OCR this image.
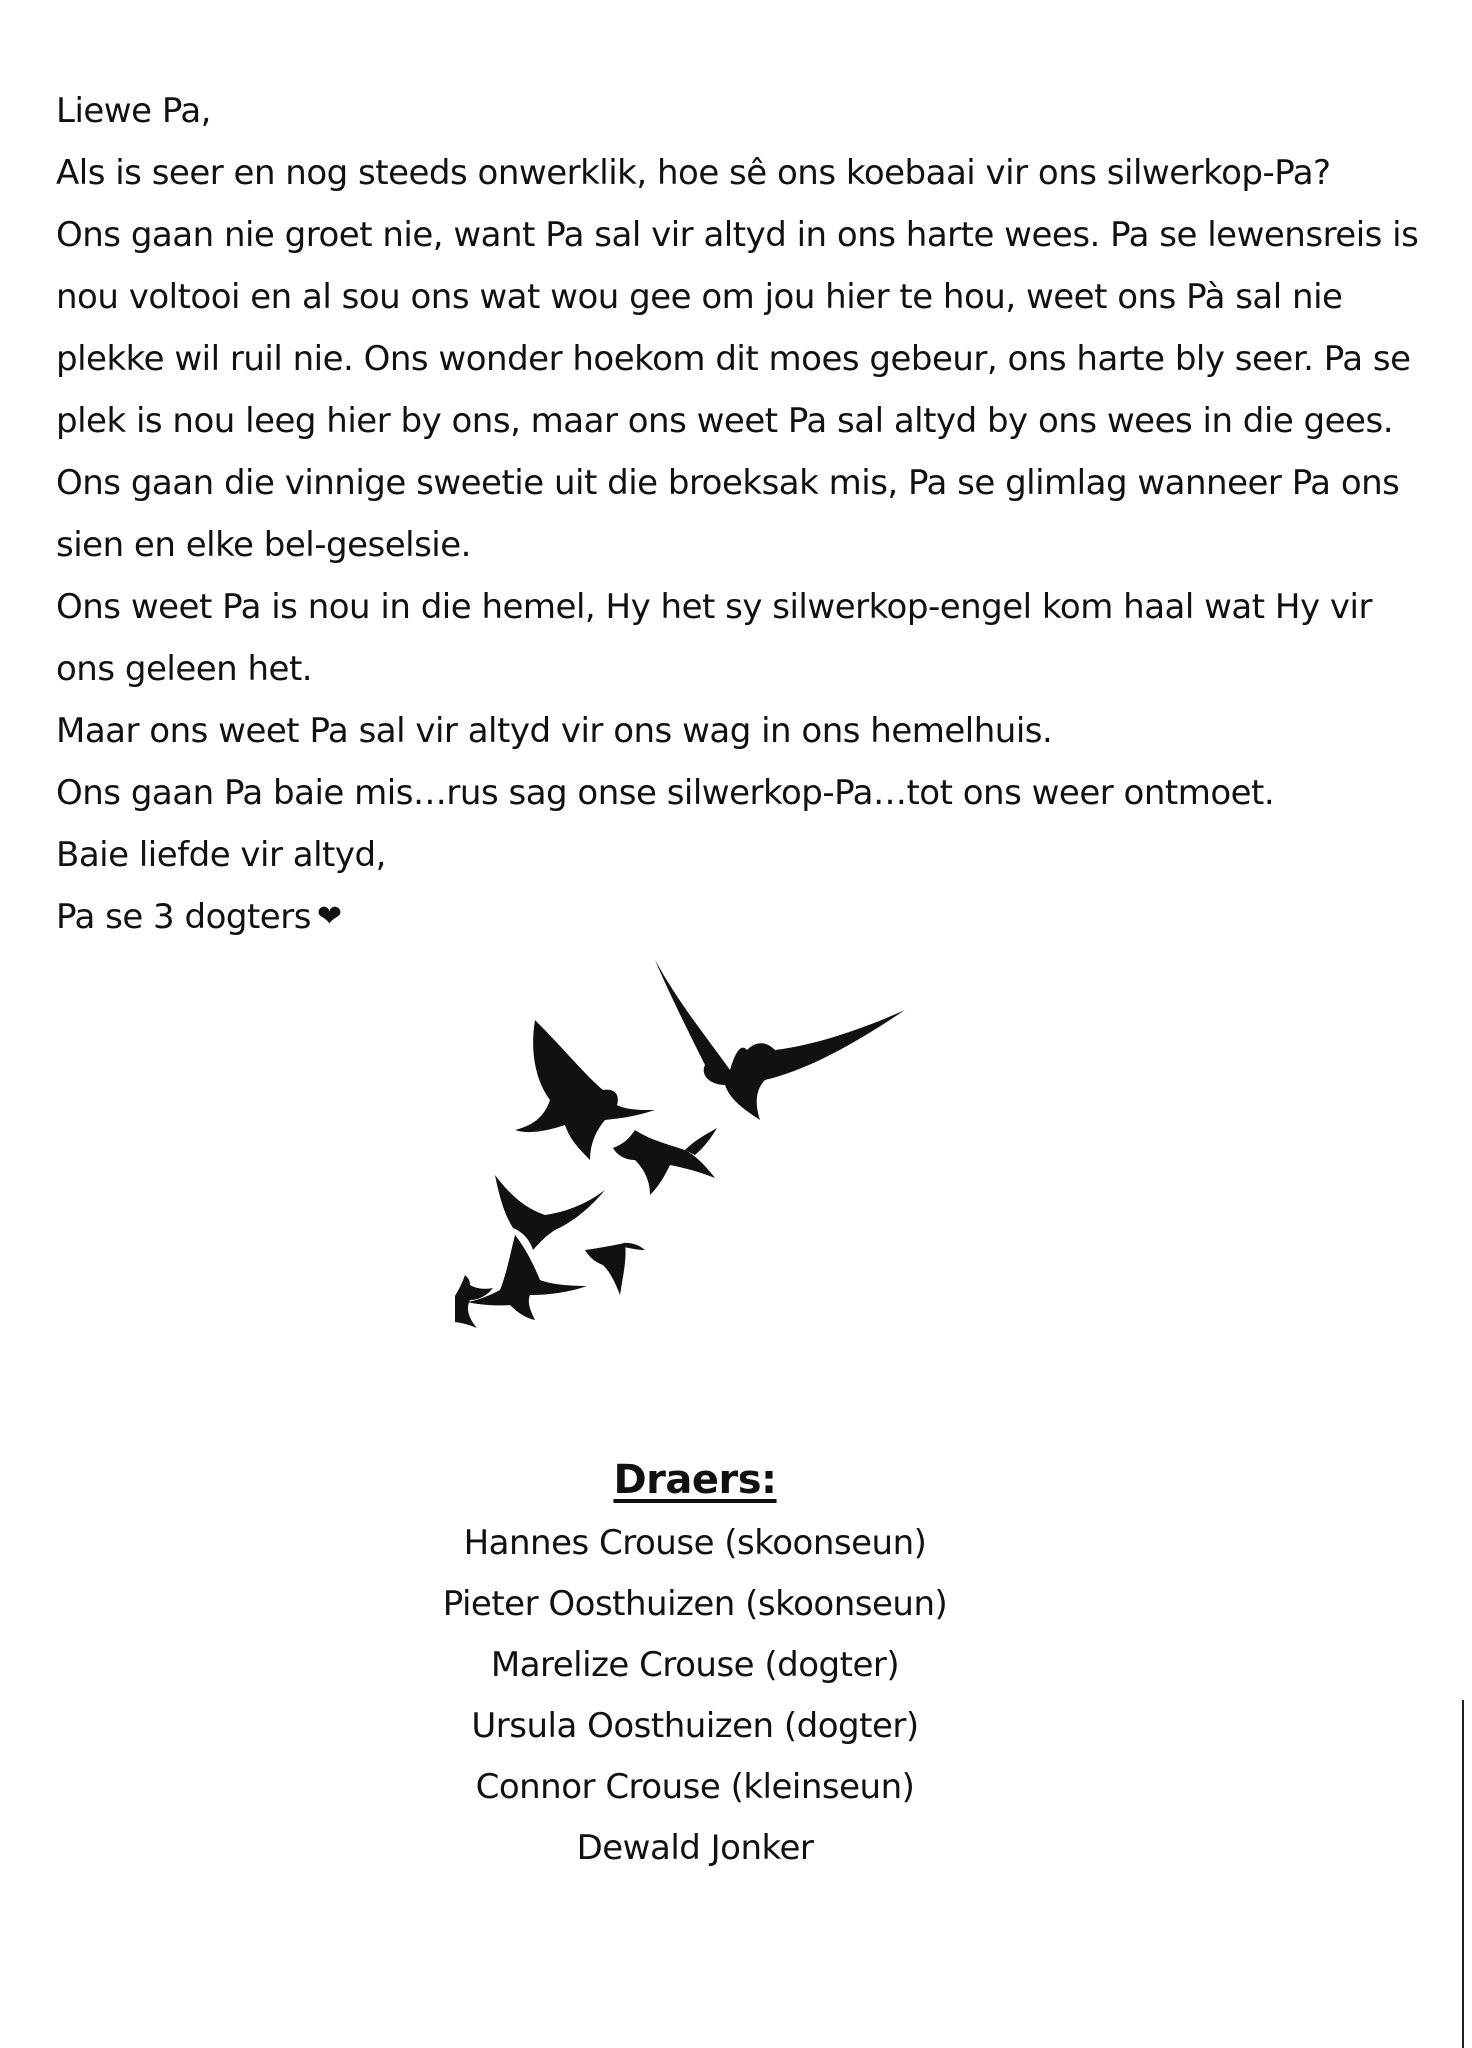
Liewe Pa,
Als is seer en nog steeds onwerklik, hoe sê ons koebaai vir ons silwerkop-Pa?
Ons gaan nie groet nie, want Pa sal vir altyd in ons harte wees. Pa se lewensreis is
nou voltooi en al sou ons wat wou gee om jou hier te hou, weet ons Pà sal nie
plekke wil ruil nie. Ons wonder hoekom dit moes gebeur, ons harte bly seer. Pa se
plek is nou leeg hier by ons, maar ons weet Pa sal altyd by ons wees in die gees.
Ons gaan die vinnige sweetie uit die broeksak mis, Pa se glimlag wanneer Pa ons
sien en elke bel-geselsie.
Ons weet Pa is nou in die hemel, Hy het sy silwerkop-engel kom haal wat Hy vir
ons geleen het.
Maar ons weet Pa sal vir altyd vir ons wag in ons hemelhuis.
Ons gaan Pa baie mis…rus sag onse silwerkop-Pa…tot ons weer ontmoet.
Baie liefde vir altyd,
Pa se 3 dogters ❤
Draers:
Hannes Crouse (skoonseun)
Pieter Oosthuizen (skoonseun)
Marelize Crouse (dogter)
Ursula Oosthuizen (dogter)
Connor Crouse (kleinseun)
Dewald Jonker
